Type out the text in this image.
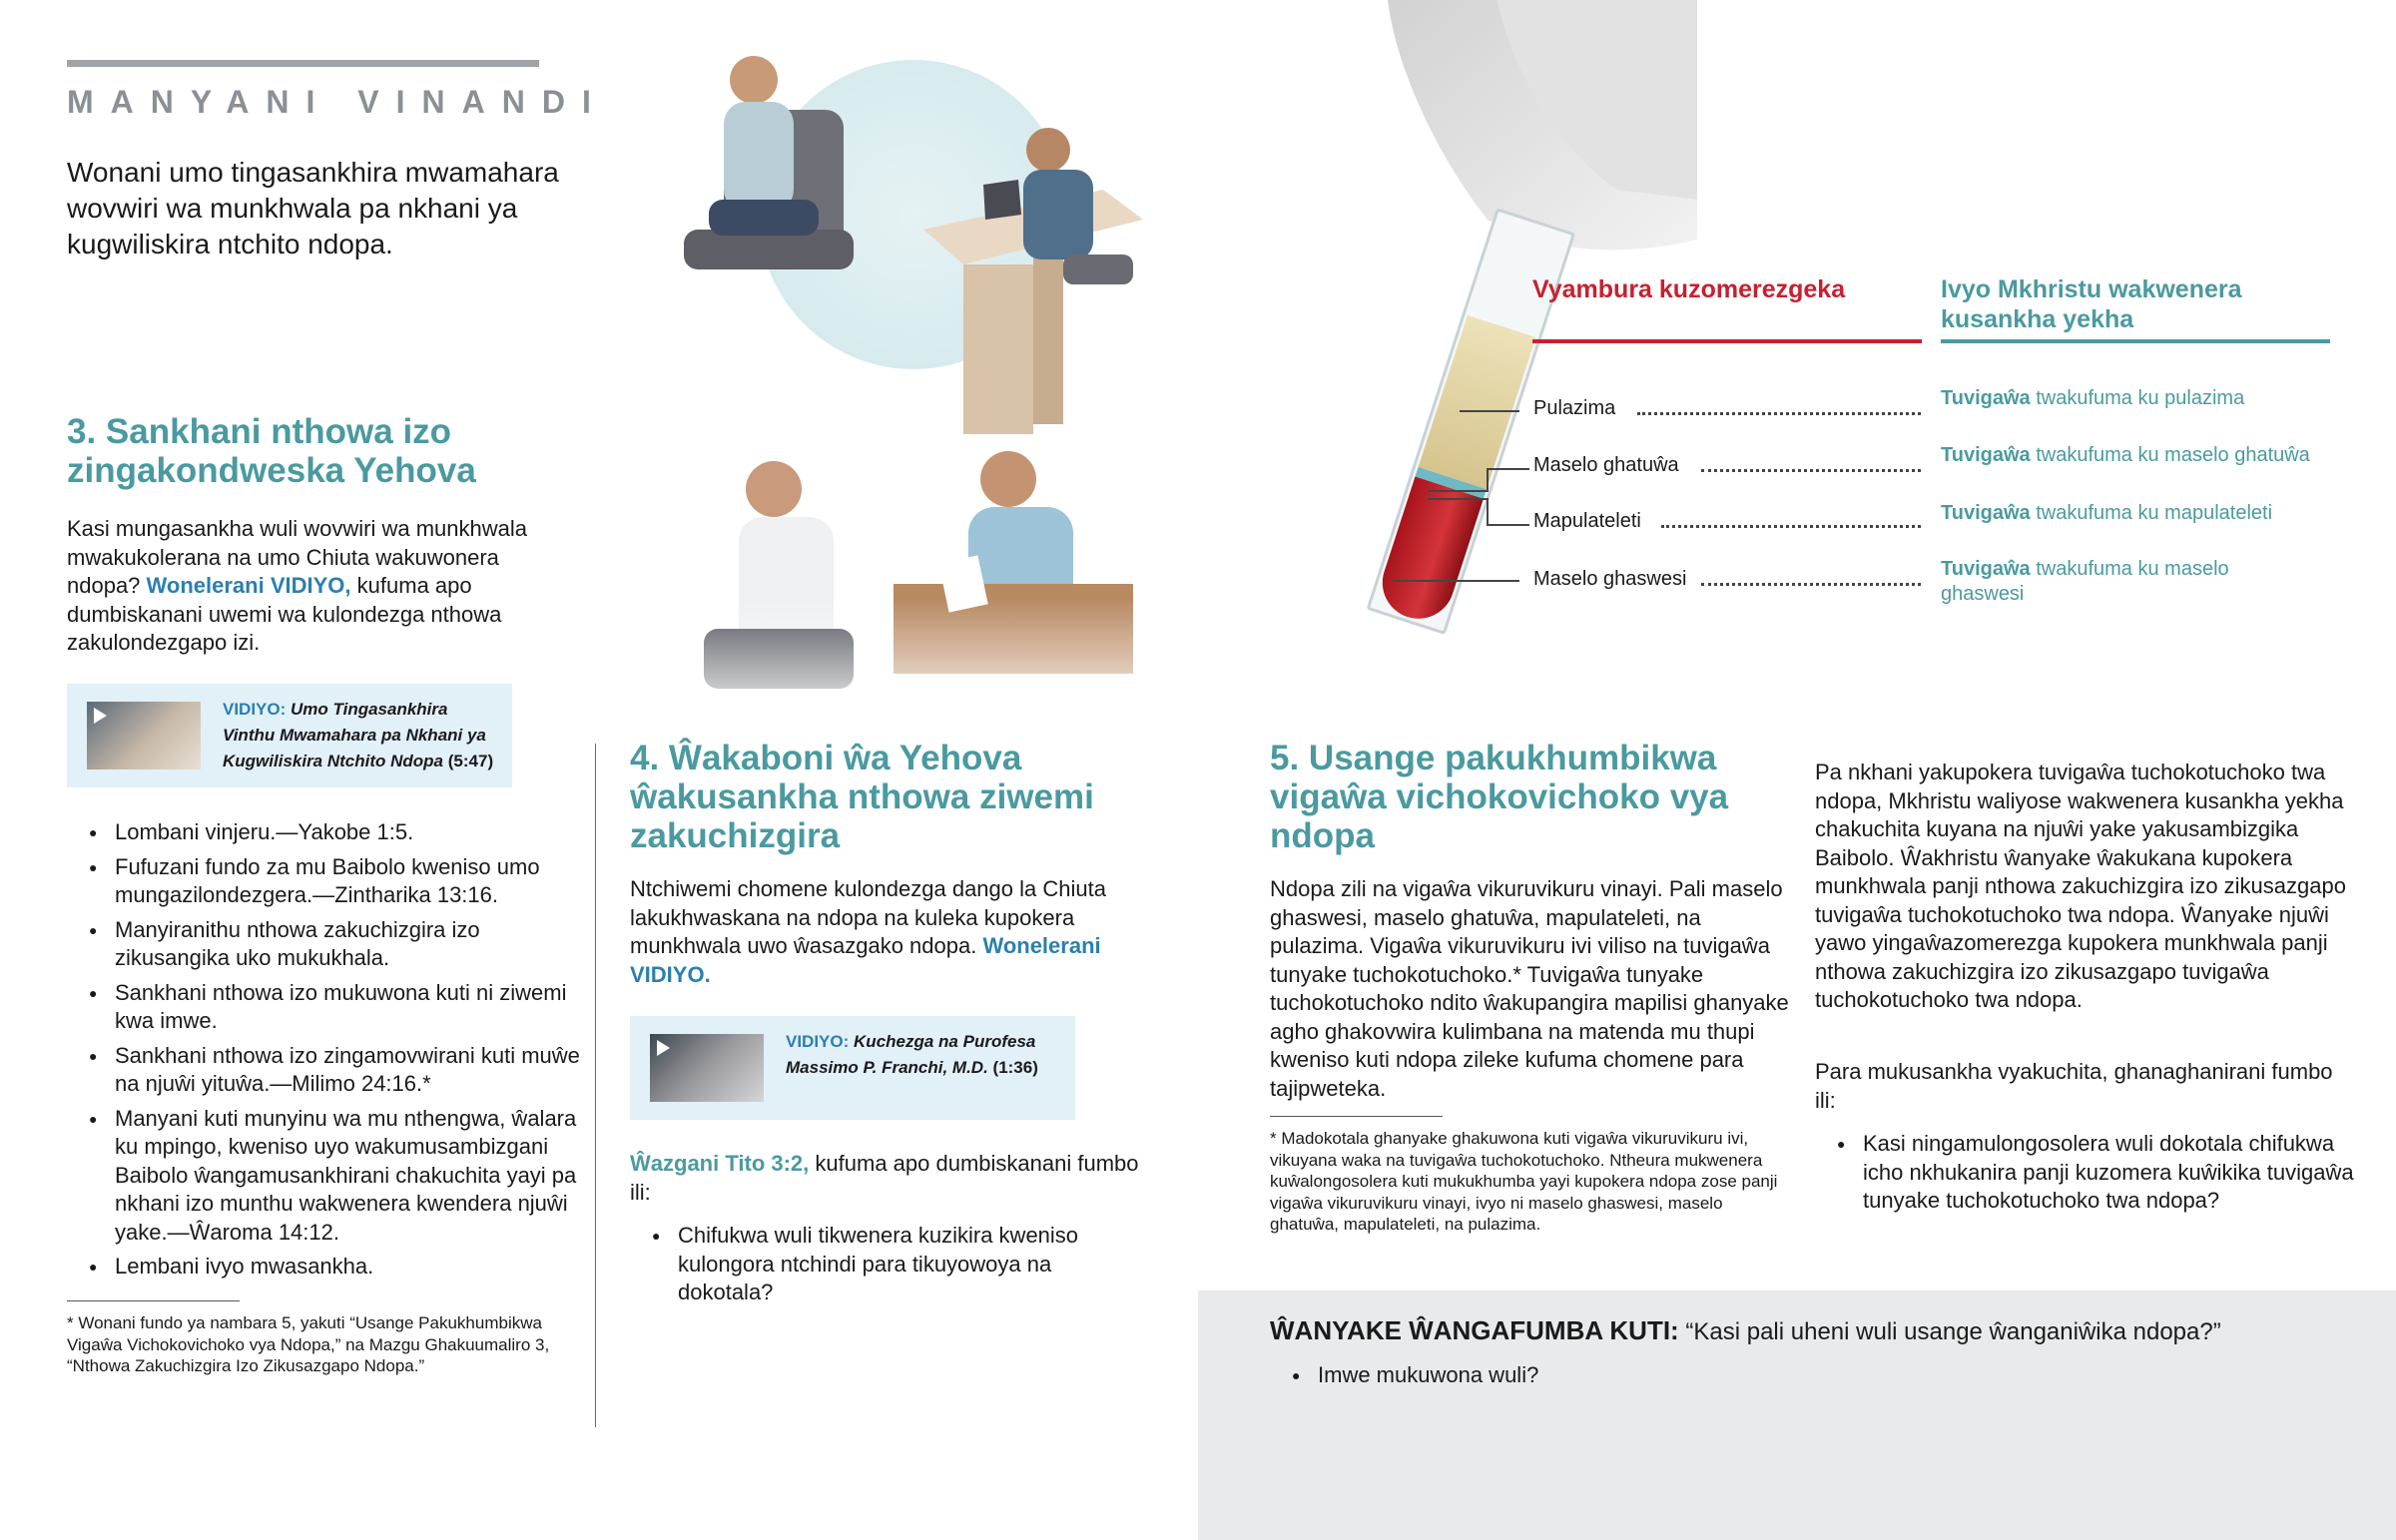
MANYANI VINANDI
Wonani umo tingasankhira mwamahara wovwiri wa munkhwala pa nkhani ya kugwiliskira ntchito ndopa.
3. Sankhani nthowa izo zingakondweska Yehova
Kasi mungasankha wuli wovwiri wa munkhwala mwakukolerana na umo Chiuta wakuwonera ndopa? Wonelerani VIDIYO, kufuma apo dumbiskanani uwemi wa kulondezga nthowa zakulondezgapo izi.
VIDIYO: Umo Tingasankhira Vinthu Mwamahara pa Nkhani ya Kugwiliskira Ntchito Ndopa (5:47)
● Lombani vinjeru.—Yakobe 1:5.
● Fufuzani fundo za mu Baibolo kweniso umo mungazilondezgera.—Zintharika 13:16.
● Manyiranithu nthowa zakuchizgira izo zikusangika uko mukukhala.
● Sankhani nthowa izo mukuwona kuti ni ziwemi kwa imwe.
● Sankhani nthowa izo zingamovwirani kuti muŵe na njuŵi yituŵa.—Milimo 24:16.*
● Manyani kuti munyinu wa mu nthengwa, ŵalara ku mpingo, kweniso uyo wakumusambizgani Baibolo ŵangamusankhirani chakuchita yayi pa nkhani izo munthu wakwenera kwendera njuŵi yake.—Ŵaroma 14:12.
● Lembani ivyo mwasankha.
* Wonani fundo ya nambara 5, yakuti “Usange Pakukhumbikwa Vigaŵa Vichokovichoko vya Ndopa,” na Mazgu Ghakuumaliro 3, “Nthowa Zakuchizgira Izo Zikusazgapo Ndopa.”
4. Ŵakaboni ŵa Yehova ŵakusankha nthowa ziwemi zakuchizgira
Ntchiwemi chomene kulondezga dango la Chiuta lakukhwaskana na ndopa na kuleka kupokera munkhwala uwo ŵasazgako ndopa. Wonelerani VIDIYO.
VIDIYO: Kuchezga na Purofesa Massimo P. Franchi, M.D. (1:36)
Ŵazgani Tito 3:2, kufuma apo dumbiskanani fumbo ili:
● Chifukwa wuli tikwenera kuzikira kweniso kulongora ntchindi para tikuyowoya na dokotala?
Vyambura kuzomerezgeka	Ivyo Mkhristu wakwenera kusankha yekha
Pulazima
Maselo ghatuŵa
Mapulateleti
Maselo ghaswesi
Tuvigaŵa twakufuma ku pulazima
Tuvigaŵa twakufuma ku maselo ghatuŵa
Tuvigaŵa twakufuma ku mapulateleti
Tuvigaŵa twakufuma ku maselo ghaswesi
5. Usange pakukhumbikwa vigaŵa vichokovichoko vya ndopa
Ndopa zili na vigaŵa vikuruvikuru vinayi. Pali maselo ghaswesi, maselo ghatuŵa, mapulateleti, na pulazima. Vigaŵa vikuruvikuru ivi viliso na tuvigaŵa tunyake tuchokotuchoko.* Tuvigaŵa tunyake tuchokotuchoko ndito ŵakupangira mapilisi ghanyake agho ghakovwira kulimbana na matenda mu thupi kweniso kuti ndopa zileke kufuma chomene para tajipweteka.
* Madokotala ghanyake ghakuwona kuti vigaŵa vikuruvikuru ivi, vikuyana waka na tuvigaŵa tuchokotuchoko. Ntheura mukwenera kuŵalongosolera kuti mukukhumba yayi kupokera ndopa zose panji vigaŵa vikuruvikuru vinayi, ivyo ni maselo ghaswesi, maselo ghatuŵa, mapulateleti, na pulazima.
Pa nkhani yakupokera tuvigaŵa tuchokotuchoko twa ndopa, Mkhristu waliyose wakwenera kusankha yekha chakuchita kuyana na njuŵi yake yakusambizgika Baibolo. Ŵakhristu ŵanyake ŵakukana kupokera munkhwala panji nthowa zakuchizgira izo zikusazgapo tuvigaŵa tuchokotuchoko twa ndopa. Ŵanyake njuŵi yawo yingaŵazomerezga kupokera munkhwala panji nthowa zakuchizgira izo zikusazgapo tuvigaŵa tuchokotuchoko twa ndopa.
Para mukusankha vyakuchita, ghanaghanirani fumbo ili:
● Kasi ningamulongosolera wuli dokotala chifukwa icho nkhukanira panji kuzomera kuŵikika tuvigaŵa tunyake tuchokotuchoko twa ndopa?
ŴANYAKE ŴANGAFUMBA KUTI: “Kasi pali uheni wuli usange ŵanganiŵika ndopa?”
● Imwe mukuwona wuli?
